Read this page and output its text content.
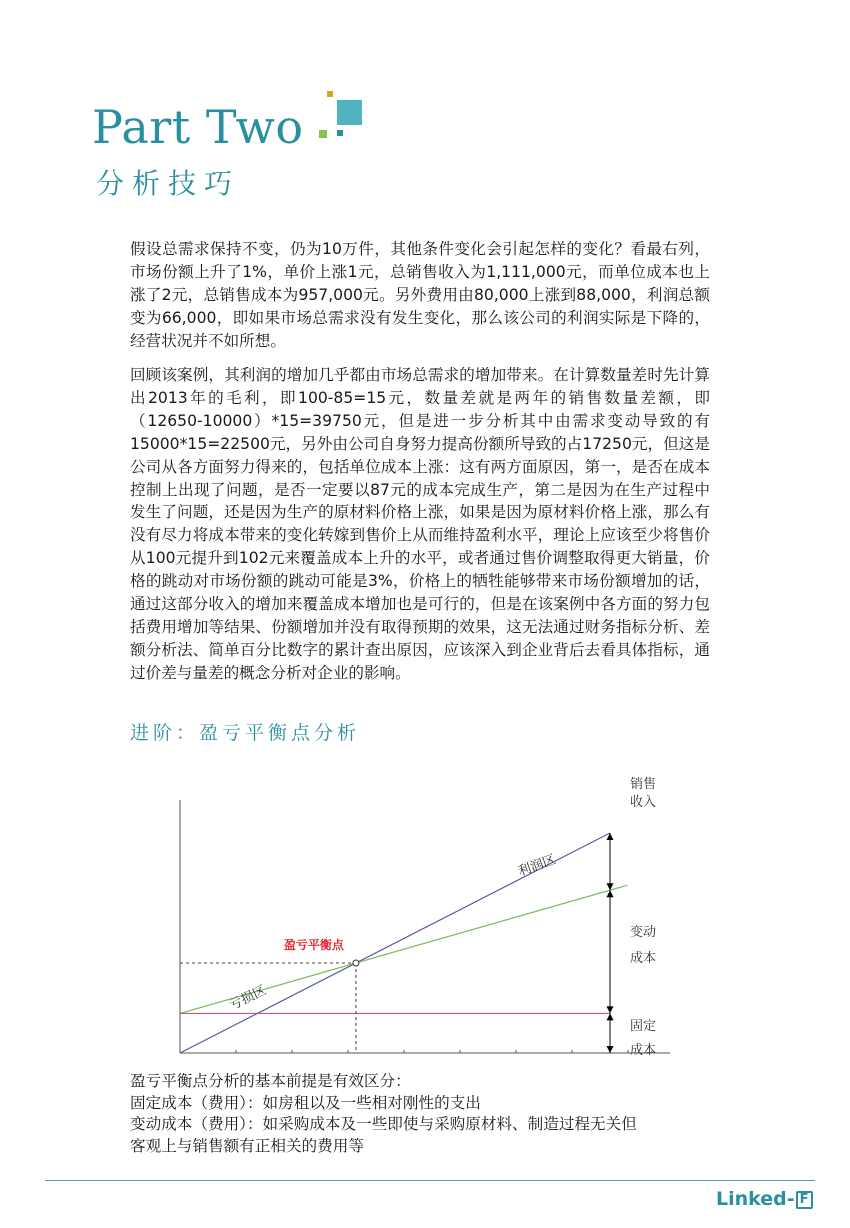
Part Two
分析技巧

假设总需求保持不变，仍为10万件，其他条件变化会引起怎样的变化？看最右列，市场份额上升了1%，单价上涨1元，总销售收入为1,111,000元，而单位成本也上涨了2元，总销售成本为957,000元。另外费用由80,000上涨到88,000，利润总额变为66,000，即如果市场总需求没有发生变化，那么该公司的利润实际是下降的，经营状况并不如所想。

回顾该案例，其利润的增加几乎都由市场总需求的增加带来。在计算数量差时先计算出2013年的毛利，即100-85=15元，数量差就是两年的销售数量差额，即（12650-10000）*15=39750元，但是进一步分析其中由需求变动导致的有15000*15=22500元，另外由公司自身努力提高份额所导致的占17250元，但这是公司从各方面努力得来的，包括单位成本上涨：这有两方面原因，第一，是否在成本控制上出现了问题，是否一定要以87元的成本完成生产，第二是因为在生产过程中发生了问题，还是因为生产的原材料价格上涨，如果是因为原材料价格上涨，那么有没有尽力将成本带来的变化转嫁到售价上从而维持盈利水平，理论上应该至少将售价从100元提升到102元来覆盖成本上升的水平，或者通过售价调整取得更大销量，价格的跳动对市场份额的跳动可能是3%，价格上的牺牲能够带来市场份额增加的话，通过这部分收入的增加来覆盖成本增加也是可行的，但是在该案例中各方面的努力包括费用增加等结果、份额增加并没有取得预期的效果，这无法通过财务指标分析、差额分析法、简单百分比数字的累计查出原因，应该深入到企业背后去看具体指标，通过价差与量差的概念分析对企业的影响。

进阶：盈亏平衡点分析
盈亏平衡点
利润区
亏损区
销售
收入
变动
成本
固定
成本
盈亏平衡点分析的基本前提是有效区分：
固定成本（费用）：如房租以及一些相对刚性的支出
变动成本（费用）：如采购成本及一些即使与采购原材料、制造过程无关但
客观上与销售额有正相关的费用等
Linked- F
